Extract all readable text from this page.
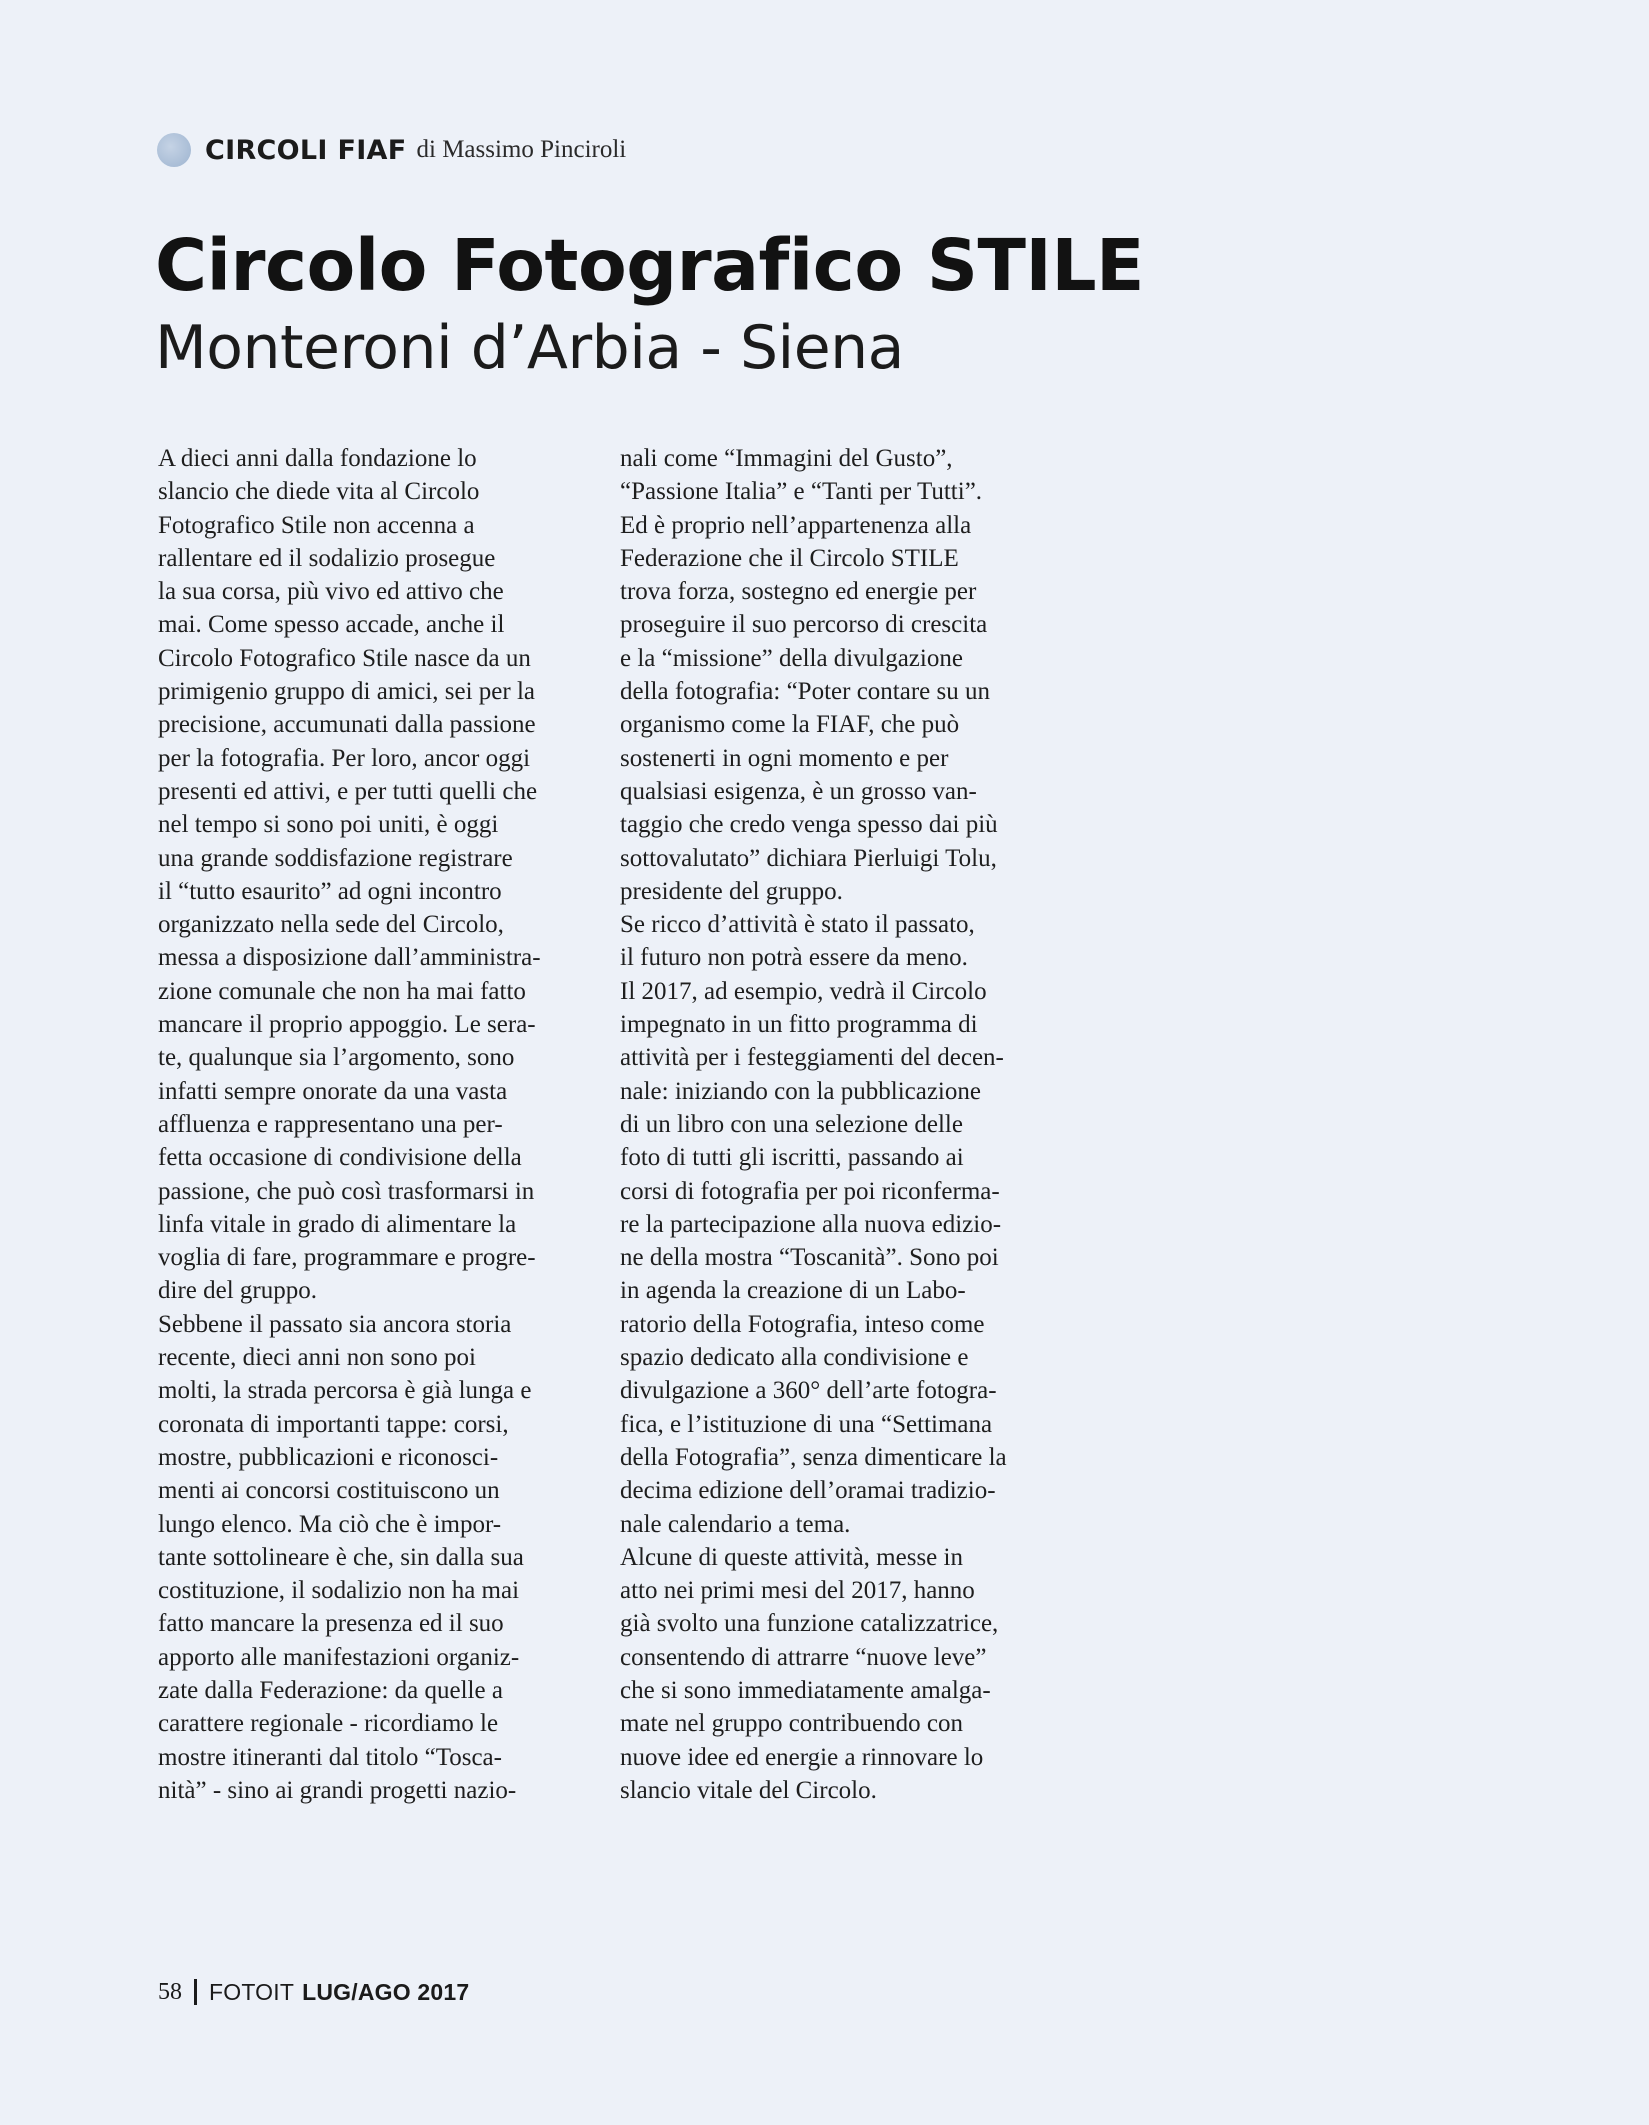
CIRCOLI FIAF di Massimo Pinciroli
Circolo Fotografico STILE
Monteroni d’Arbia - Siena
A dieci anni dalla fondazione lo
slancio che diede vita al Circolo
Fotografico Stile non accenna a
rallentare ed il sodalizio prosegue
la sua corsa, più vivo ed attivo che
mai. Come spesso accade, anche il
Circolo Fotografico Stile nasce da un
primigenio gruppo di amici, sei per la
precisione, accumunati dalla passione
per la fotografia. Per loro, ancor oggi
presenti ed attivi, e per tutti quelli che
nel tempo si sono poi uniti, è oggi
una grande soddisfazione registrare
il “tutto esaurito” ad ogni incontro
organizzato nella sede del Circolo,
messa a disposizione dall’amministra-
zione comunale che non ha mai fatto
mancare il proprio appoggio. Le sera-
te, qualunque sia l’argomento, sono
infatti sempre onorate da una vasta
affluenza e rappresentano una per-
fetta occasione di condivisione della
passione, che può così trasformarsi in
linfa vitale in grado di alimentare la
voglia di fare, programmare e progre-
dire del gruppo.
Sebbene il passato sia ancora storia
recente, dieci anni non sono poi
molti, la strada percorsa è già lunga e
coronata di importanti tappe: corsi,
mostre, pubblicazioni e riconosci-
menti ai concorsi costituiscono un
lungo elenco. Ma ciò che è impor-
tante sottolineare è che, sin dalla sua
costituzione, il sodalizio non ha mai
fatto mancare la presenza ed il suo
apporto alle manifestazioni organiz-
zate dalla Federazione: da quelle a
carattere regionale - ricordiamo le
mostre itineranti dal titolo “Tosca-
nità” - sino ai grandi progetti nazio-
nali come “Immagini del Gusto”,
“Passione Italia” e “Tanti per Tutti”.
Ed è proprio nell’appartenenza alla
Federazione che il Circolo STILE
trova forza, sostegno ed energie per
proseguire il suo percorso di crescita
e la “missione” della divulgazione
della fotografia: “Poter contare su un
organismo come la FIAF, che può
sostenerti in ogni momento e per
qualsiasi esigenza, è un grosso van-
taggio che credo venga spesso dai più
sottovalutato” dichiara Pierluigi Tolu,
presidente del gruppo.
Se ricco d’attività è stato il passato,
il futuro non potrà essere da meno.
Il 2017, ad esempio, vedrà il Circolo
impegnato in un fitto programma di
attività per i festeggiamenti del decen-
nale: iniziando con la pubblicazione
di un libro con una selezione delle
foto di tutti gli iscritti, passando ai
corsi di fotografia per poi riconferma-
re la partecipazione alla nuova edizio-
ne della mostra “Toscanità”. Sono poi
in agenda la creazione di un Labo-
ratorio della Fotografia, inteso come
spazio dedicato alla condivisione e
divulgazione a 360° dell’arte fotogra-
fica, e l’istituzione di una “Settimana
della Fotografia”, senza dimenticare la
decima edizione dell’oramai tradizio-
nale calendario a tema.
Alcune di queste attività, messe in
atto nei primi mesi del 2017, hanno
già svolto una funzione catalizzatrice,
consentendo di attrarre “nuove leve”
che si sono immediatamente amalga-
mate nel gruppo contribuendo con
nuove idee ed energie a rinnovare lo
slancio vitale del Circolo.
58 FOTOIT LUG/AGO 2017
